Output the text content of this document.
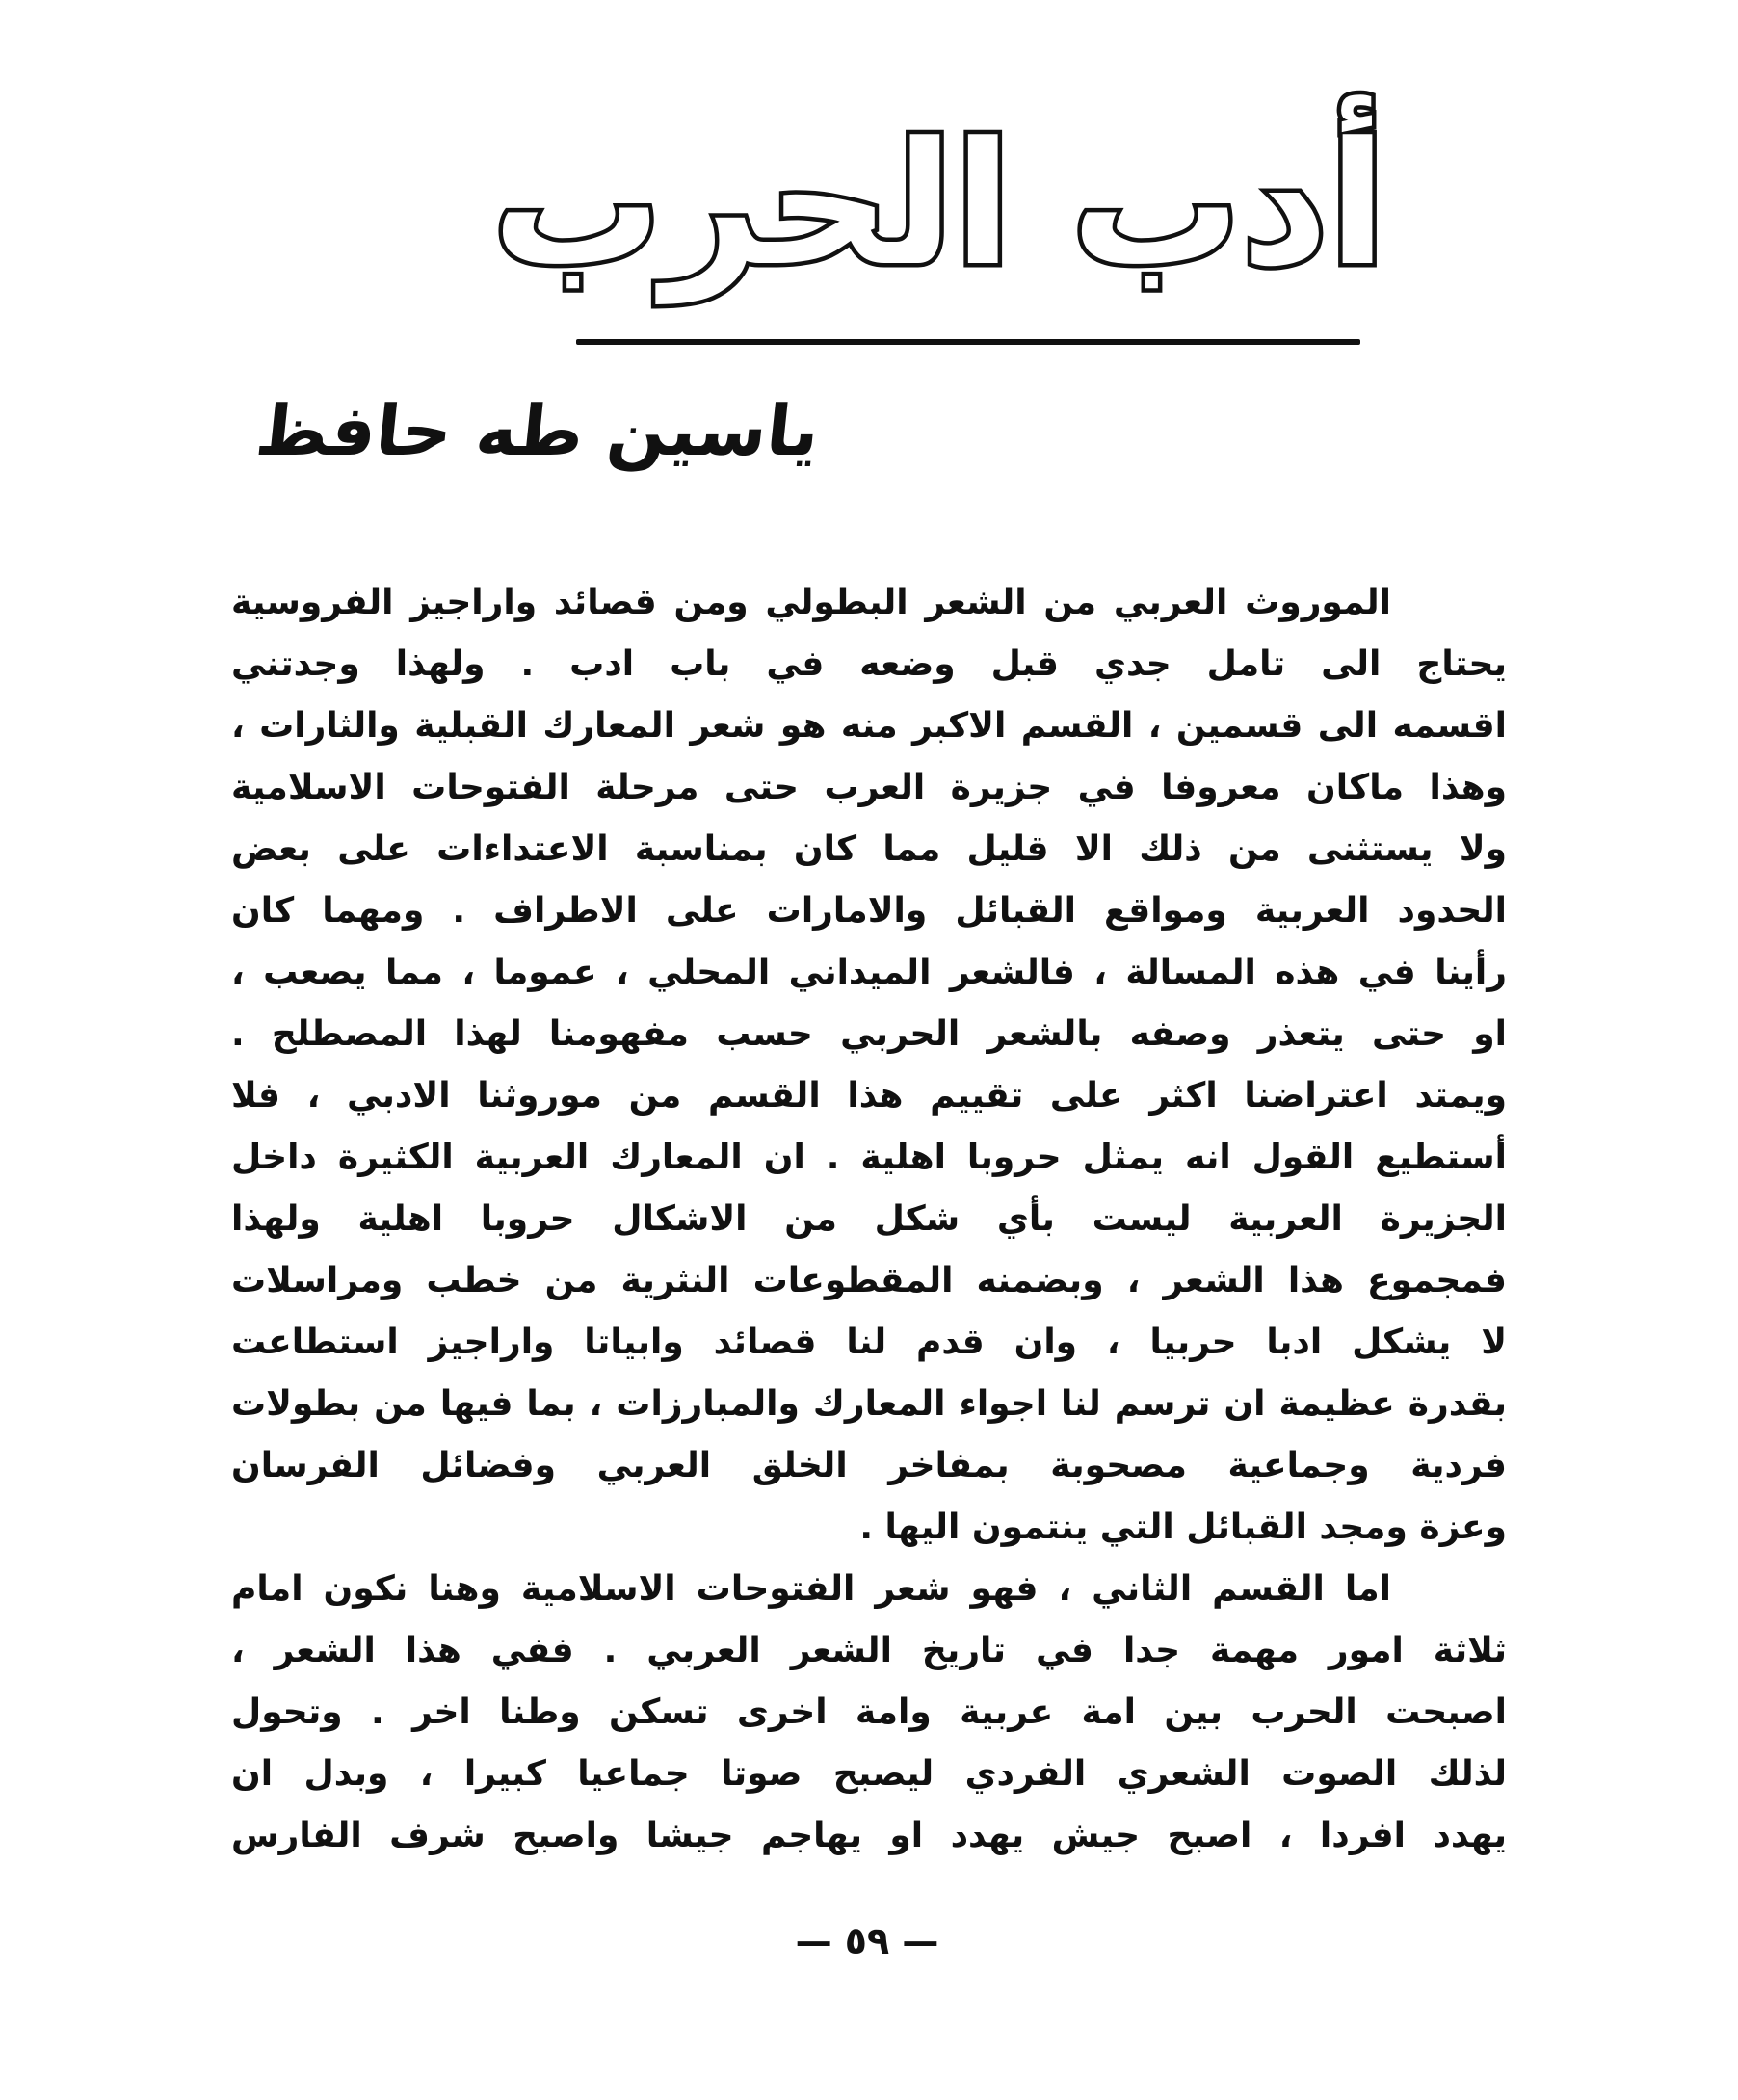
أدب الحرب
ياسين طه حافظ
الموروث العربي من الشعر البطولي ومن قصائد واراجيز الفروسية
يحتاج الى تامل جدي قبل وضعه في باب ادب . ولهذا وجدتني
اقسمه الى قسمين ، القسم الاكبر منه هو شعر المعارك القبلية والثارات ،
وهذا ماكان معروفا في جزيرة العرب حتى مرحلة الفتوحات الاسلامية
ولا يستثنى من ذلك الا قليل مما كان بمناسبة الاعتداءات على بعض
الحدود العربية ومواقع القبائل والامارات على الاطراف . ومهما كان
رأينا في هذه المسالة ، فالشعر الميداني المحلي ، عموما ، مما يصعب ،
او حتى يتعذر وصفه بالشعر الحربي حسب مفهومنا لهذا المصطلح .
ويمتد اعتراضنا اكثر على تقييم هذا القسم من موروثنا الادبي ، فلا
أستطيع القول انه يمثل حروبا اهلية . ان المعارك العربية الكثيرة داخل
الجزيرة العربية ليست بأي شكل من الاشكال حروبا اهلية ولهذا
فمجموع هذا الشعر ، وبضمنه المقطوعات النثرية من خطب ومراسلات
لا يشكل ادبا حربيا ، وان قدم لنا قصائد وابياتا واراجيز استطاعت
بقدرة عظيمة ان ترسم لنا اجواء المعارك والمبارزات ، بما فيها من بطولات
فردية وجماعية مصحوبة بمفاخر الخلق العربي وفضائل الفرسان
وعزة ومجد القبائل التي ينتمون اليها .
اما القسم الثاني ، فهو شعر الفتوحات الاسلامية وهنا نكون امام
ثلاثة امور مهمة جدا في تاريخ الشعر العربي . ففي هذا الشعر ،
اصبحت الحرب بين امة عربية وامة اخرى تسكن وطنا اخر . وتحول
لذلك الصوت الشعري الفردي ليصبح صوتا جماعيا كبيرا ، وبدل ان
يهدد افردا ، اصبح جيش يهدد او يهاجم جيشا واصبح شرف الفارس
— ٥٩ —
